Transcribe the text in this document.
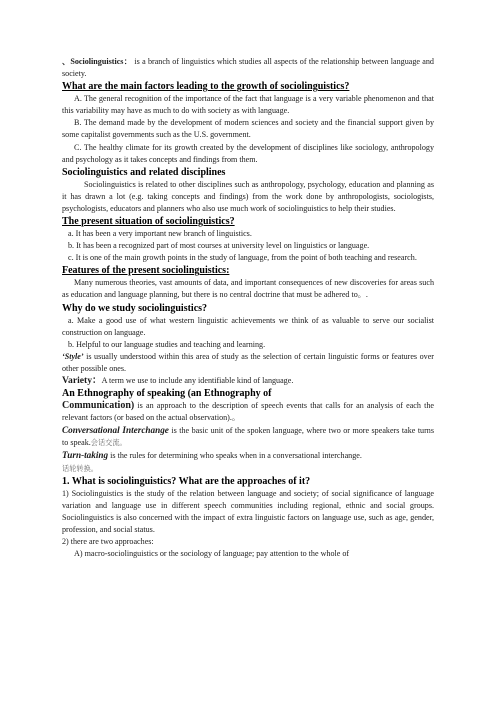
、Sociolinguistics： is a branch of linguistics which studies all aspects of the relationship between language and society.

What are the main factors leading to the growth of sociolinguistics?

A. The general recognition of the importance of the fact that language is a very variable phenomenon and that this variability may have as much to do with society as with language.

B. The demand made by the development of modern sciences and society and the financial support given by some capitalist governments such as the U.S. government.

C. The healthy climate for its growth created by the development of disciplines like sociology, anthropology and psychology as it takes concepts and findings from them.

Sociolinguistics and related disciplines

Sociolinguistics is related to other disciplines such as anthropology, psychology, education and planning as it has drawn a lot (e.g. taking concepts and findings) from the work done by anthropologists, sociologists, psychologists, educators and planners who also use much work of sociolinguistics to help their studies.

The present situation of sociolinguistics?

a. It has been a very important new branch of linguistics.

b. It has been a recognized part of most courses at university level on linguistics or language.

c. It is one of the main growth points in the study of language, from the point of both teaching and research.

Features of the present sociolinguistics:

Many numerous theories, vast amounts of data, and important consequences of new discoveries for areas such as education and language planning, but there is no central doctrine that must be adhered to。.

Why do we study sociolinguistics?

a. Make a good use of what western linguistic achievements we think of as valuable to serve our socialist construction on language.

b. Helpful to our language studies and teaching and learning.

‘Style’ is usually understood within this area of study as the selection of certain linguistic forms or features over other possible ones.

Variety：A term we use to include any identifiable kind of language.

An Ethnography of speaking (an Ethnography of

Communication) is an approach to the description of speech events that calls for an analysis of each the relevant factors (or based on the actual observation).。

Conversational Interchange is the basic unit of the spoken language, where two or more speakers take turns to speak.会话交流。

Turn-taking is the rules for determining who speaks when in a conversational interchange.

话轮转换。

1. What is sociolinguistics? What are the approaches of it?

1) Sociolinguistics is the study of the relation between language and society; of social significance of language variation and language use in different speech communities including regional, ethnic and social groups. Sociolinguistics is also concerned with the impact of extra linguistic factors on language use, such as age, gender, profession, and social status.

2) there are two approaches:

A) macro-sociolinguistics or the sociology of language; pay attention to the whole of
